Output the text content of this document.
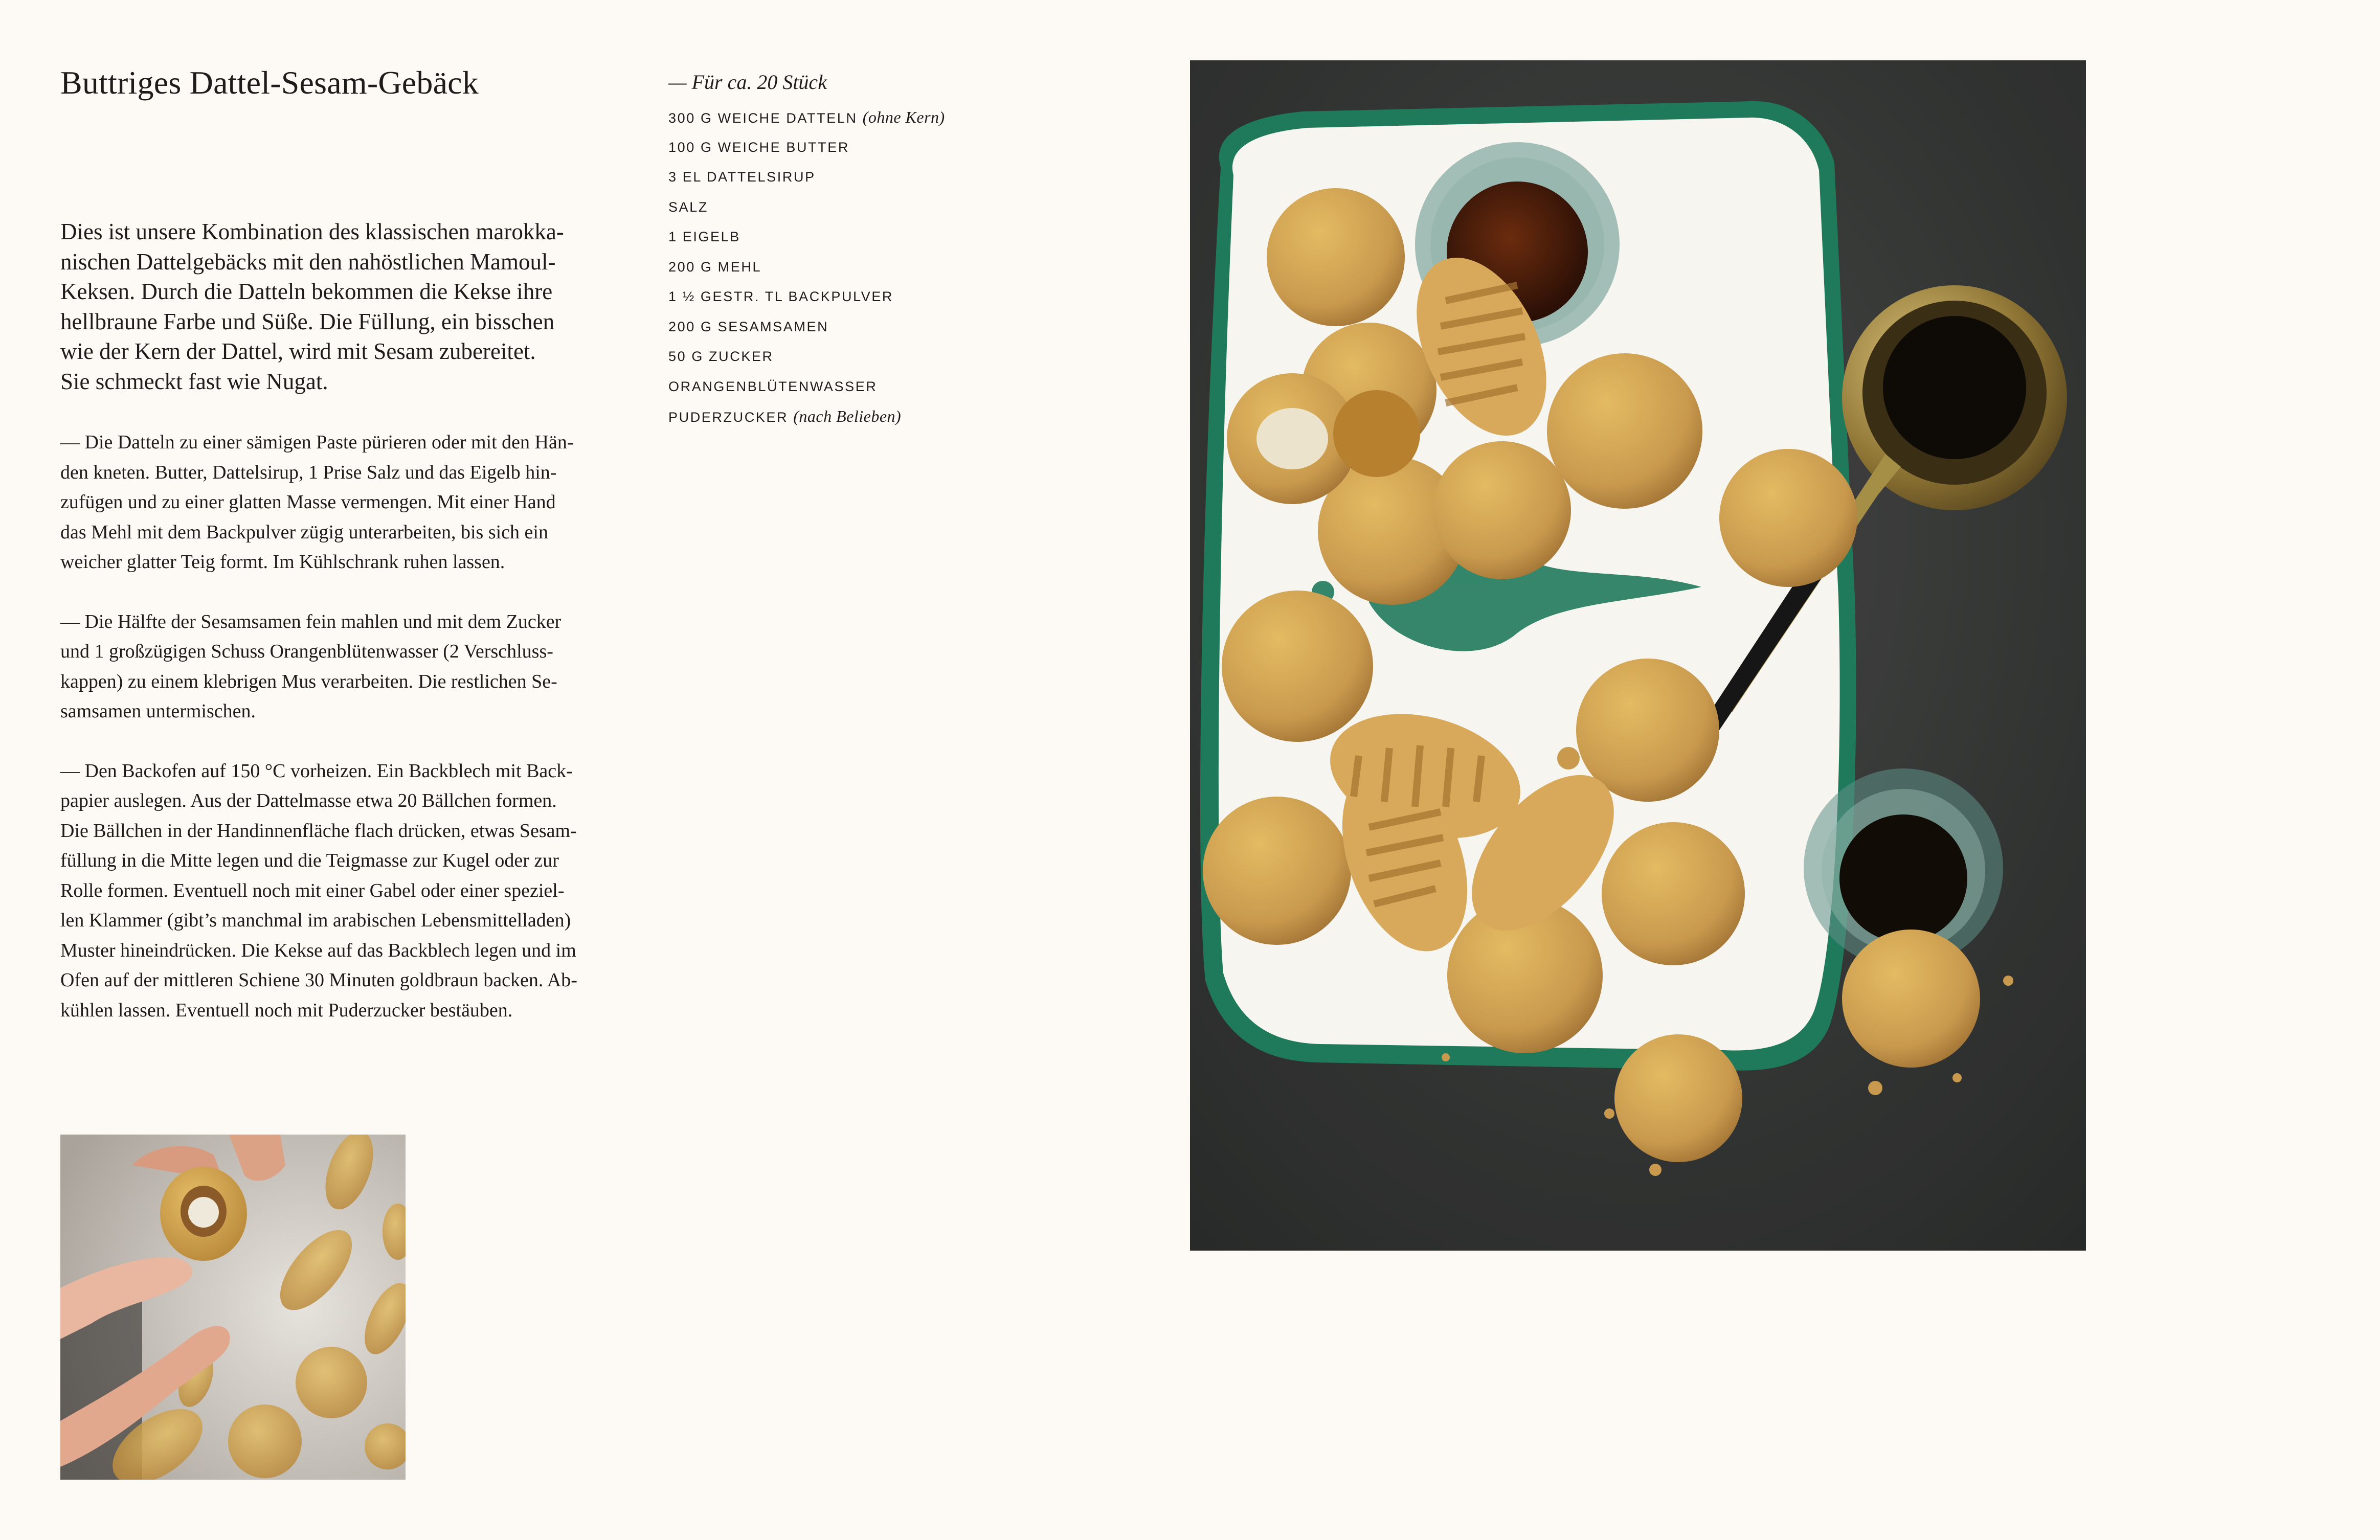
Buttriges Dattel-Sesam-Gebäck

Dies ist unsere Kombination des klassischen marokka-
nischen Dattelgebäcks mit den nahöstlichen Mamoul-
Keksen. Durch die Datteln bekommen die Kekse ihre
hellbraune Farbe und Süße. Die Füllung, ein bisschen
wie der Kern der Dattel, wird mit Sesam zubereitet.
Sie schmeckt fast wie Nugat.

— Die Datteln zu einer sämigen Paste pürieren oder mit den Hän-
den kneten. Butter, Dattelsirup, 1 Prise Salz und das Eigelb hin-
zufügen und zu einer glatten Masse vermengen. Mit einer Hand
das Mehl mit dem Backpulver zügig unterarbeiten, bis sich ein
weicher glatter Teig formt. Im Kühlschrank ruhen lassen.

— Die Hälfte der Sesamsamen fein mahlen und mit dem Zucker
und 1 großzügigen Schuss Orangenblütenwasser (2 Verschluss-
kappen) zu einem klebrigen Mus verarbeiten. Die restlichen Se-
samsamen untermischen.

— Den Backofen auf 150 °C vorheizen. Ein Backblech mit Back-
papier auslegen. Aus der Dattelmasse etwa 20 Bällchen formen.
Die Bällchen in der Handinnenfläche flach drücken, etwas Sesam-
füllung in die Mitte legen und die Teigmasse zur Kugel oder zur
Rolle formen. Eventuell noch mit einer Gabel oder einer speziel-
len Klammer (gibt’s manchmal im arabischen Lebensmittelladen)
Muster hineindrücken. Die Kekse auf das Backblech legen und im
Ofen auf der mittleren Schiene 30 Minuten goldbraun backen. Ab-
kühlen lassen. Eventuell noch mit Puderzucker bestäuben.

— Für ca. 20 Stück

300 G WEICHE DATTELN (ohne Kern)
100 G WEICHE BUTTER
3 EL DATTELSIRUP
SALZ
1 EIGELB
200 G MEHL
1 ½ GESTR. TL BACKPULVER
200 G SESAMSAMEN
50 G ZUCKER
ORANGENBLÜTENWASSER
PUDERZUCKER (nach Belieben)
